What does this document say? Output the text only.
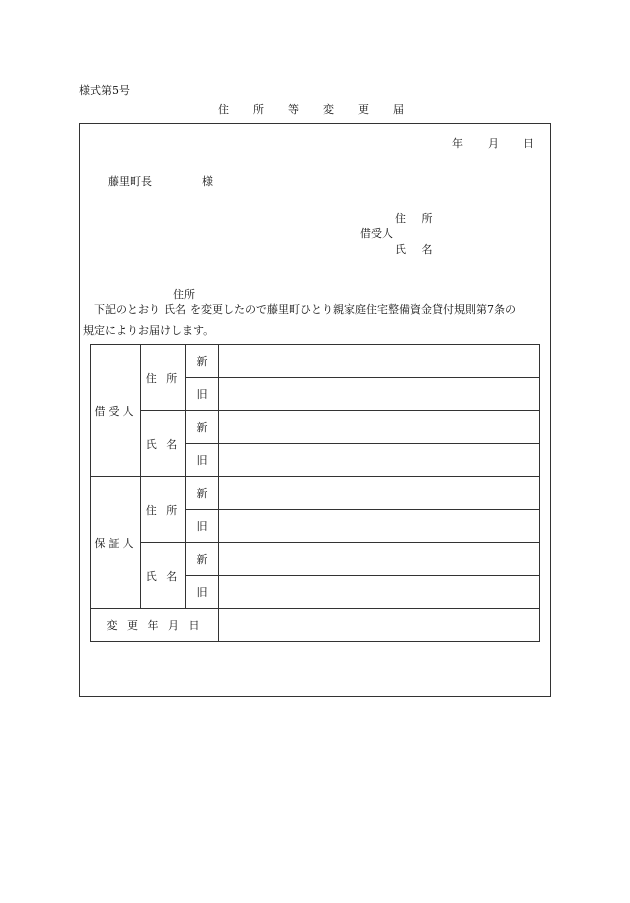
様式第5号
住所等変更届
年 月 日
藤里町長	様
住 所
借受人
氏 名
住所
下記のとおり 氏名 を変更したので藤里町ひとり親家庭住宅整備資金貸付規則第7条の
規定によりお届けします。
借受人
住 所
新
旧
氏 名
新
旧
保証人
住 所
新
旧
氏 名
新
旧
変 更 年 月 日
